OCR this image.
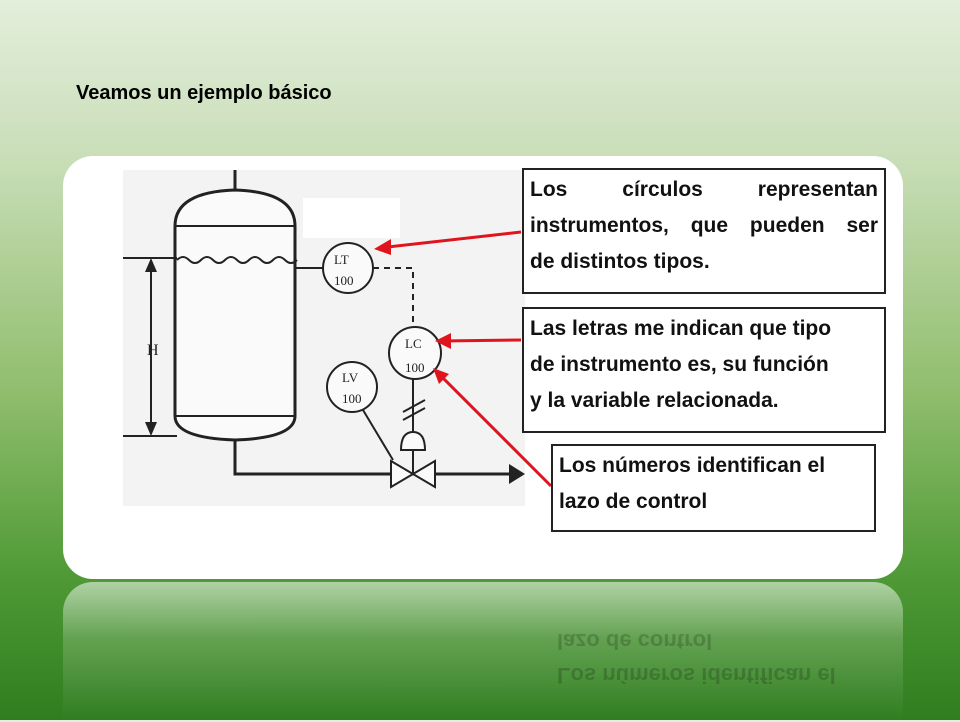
Veamos un ejemplo básico
H
LT
100
LC
100
LV
100
Los círculos representan
instrumentos, que pueden ser
de distintos tipos.
Las letras me indican que tipo
de instrumento es, su función
y la variable relacionada.
Los números identifican el
lazo de control
Los números identifican el
lazo de control
